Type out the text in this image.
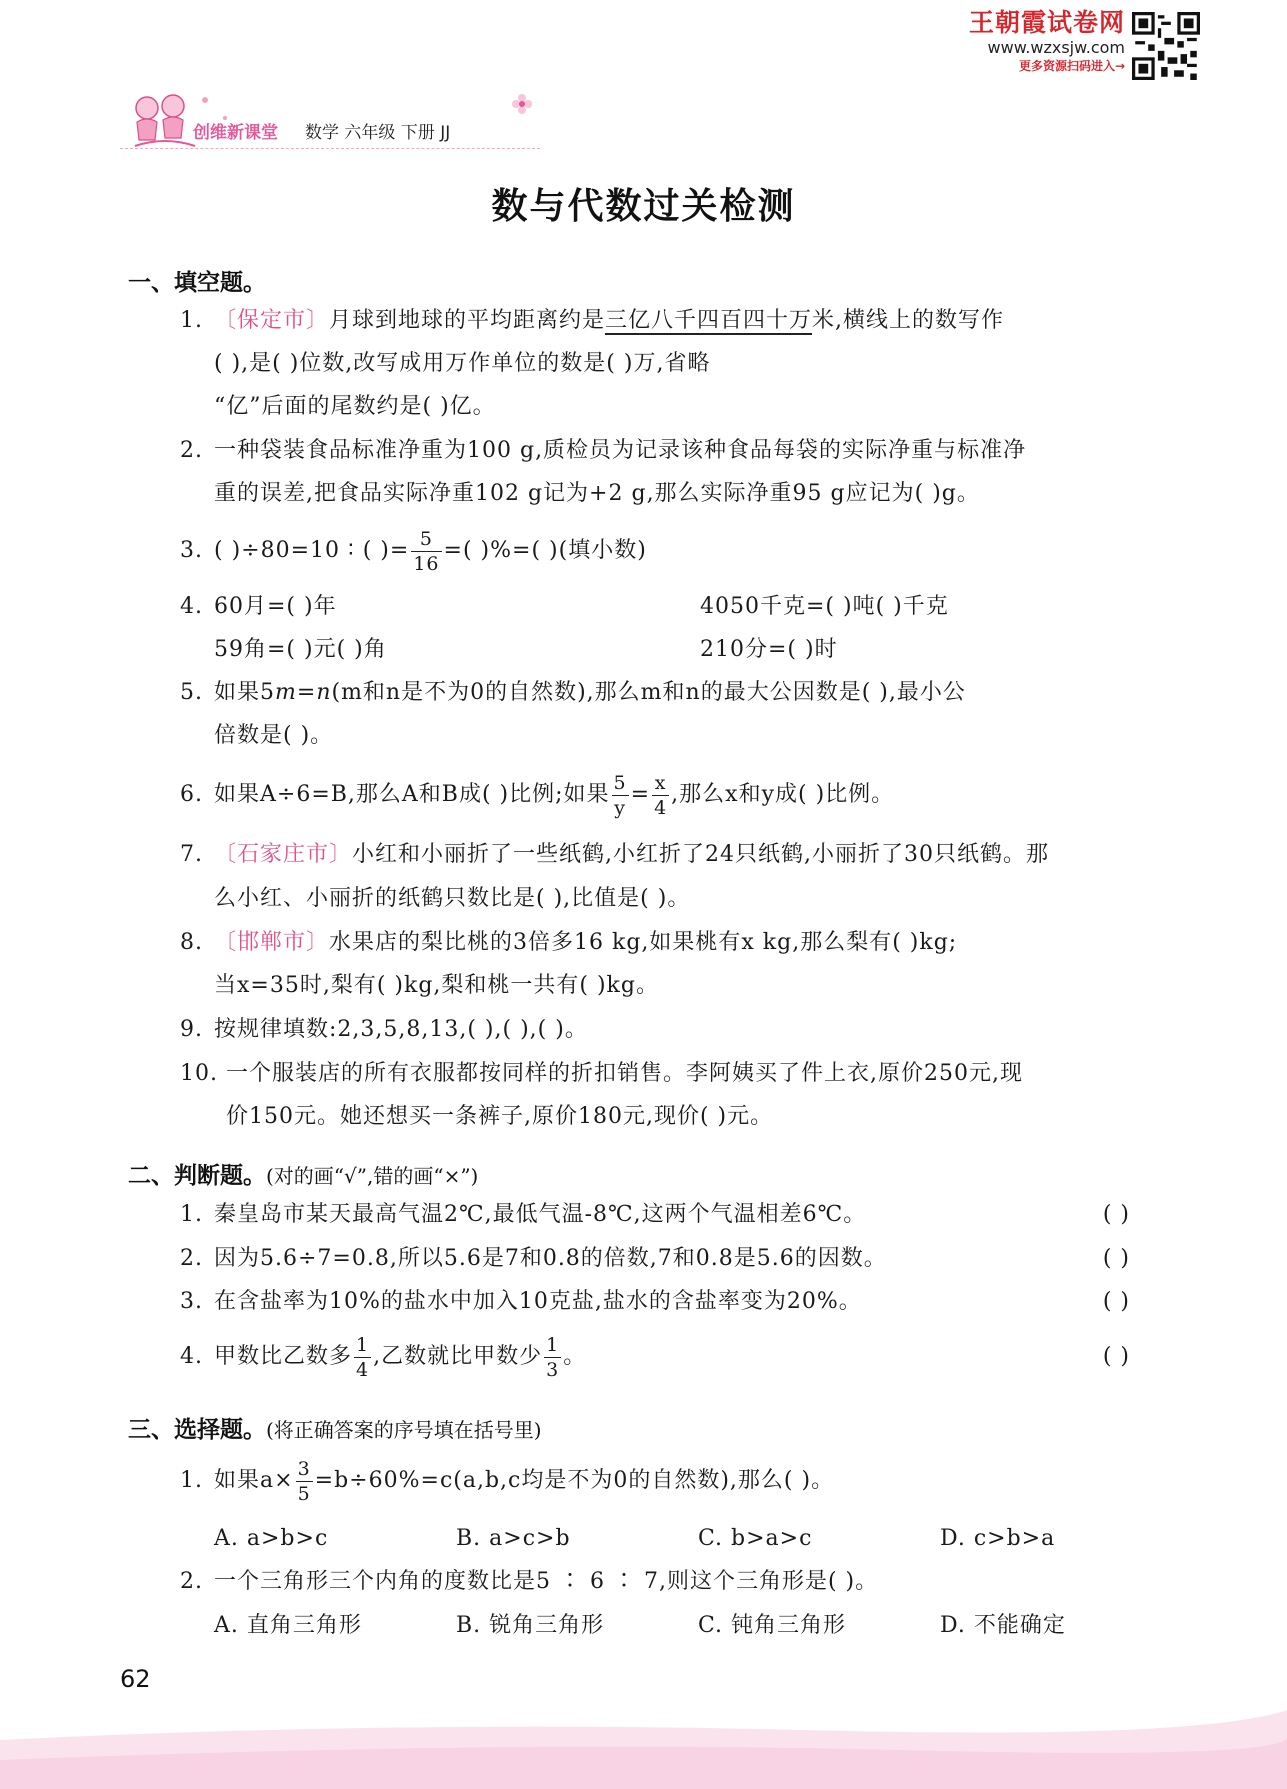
王朝霞试卷网
www.wzxsjw.com
更多资源扫码进入→
创维新课堂 数学 六年级 下册 JJ
数与代数过关检测
一、填空题。
1. 〔保定市〕月球到地球的平均距离约是三亿八千四百四十万米,横线上的数写作
( ),是( )位数,改写成用万作单位的数是( )万,省略
“亿”后面的尾数约是( )亿。
2. 一种袋装食品标准净重为100 g,质检员为记录该种食品每袋的实际净重与标准净
重的误差,把食品实际净重102 g记为+2 g,那么实际净重95 g应记为( )g。
3. ( )÷80=10 ∶ ( )= $\frac{5}{16}$ =( )%=( )(填小数)
4. 60月=( )年	4050千克=( )吨( )千克
59角=( )元( )角	210分=( )时
5. 如果5m=n(m和n是不为0的自然数),那么m和n的最大公因数是( ),最小公
倍数是( )。
6. 如果A÷6=B,那么A和B成( )比例;如果 $\frac{5}{y} = \frac{x}{4}$ ,那么x和y成( )比例。
7. 〔石家庄市〕小红和小丽折了一些纸鹤,小红折了24只纸鹤,小丽折了30只纸鹤。那
么小红、小丽折的纸鹤只数比是( ),比值是( )。
8. 〔邯郸市〕水果店的梨比桃的3倍多16 kg,如果桃有x kg,那么梨有( )kg;
当x=35时,梨有( )kg,梨和桃一共有( )kg。
9. 按规律填数:2,3,5,8,13,( ),( ),( )。
10. 一个服装店的所有衣服都按同样的折扣销售。李阿姨买了件上衣,原价250元,现
价150元。她还想买一条裤子,原价180元,现价( )元。
二、判断题。(对的画“√”,错的画“×”)
1. 秦皇岛市某天最高气温2℃,最低气温-8℃,这两个气温相差6℃。	( )
2. 因为5.6÷7=0.8,所以5.6是7和0.8的倍数,7和0.8是5.6的因数。	( )
3. 在含盐率为10%的盐水中加入10克盐,盐水的含盐率变为20%。	( )
4. 甲数比乙数多 $\frac{1}{4}$ ,乙数就比甲数少 $\frac{1}{3}$ 。	( )
三、选择题。(将正确答案的序号填在括号里)
1. 如果$a\times \frac{3}{5} =b\div 60\%=c(a,b,c$均是不为0的自然数),那么( )。
A. a>b>c	B. a>c>b	C. b>a>c	D. c>b>a
2. 一个三角形三个内角的度数比是5 ∶ 6 ∶ 7,则这个三角形是( )。
A. 直角三角形	B. 锐角三角形	C. 钝角三角形	D. 不能确定
62
